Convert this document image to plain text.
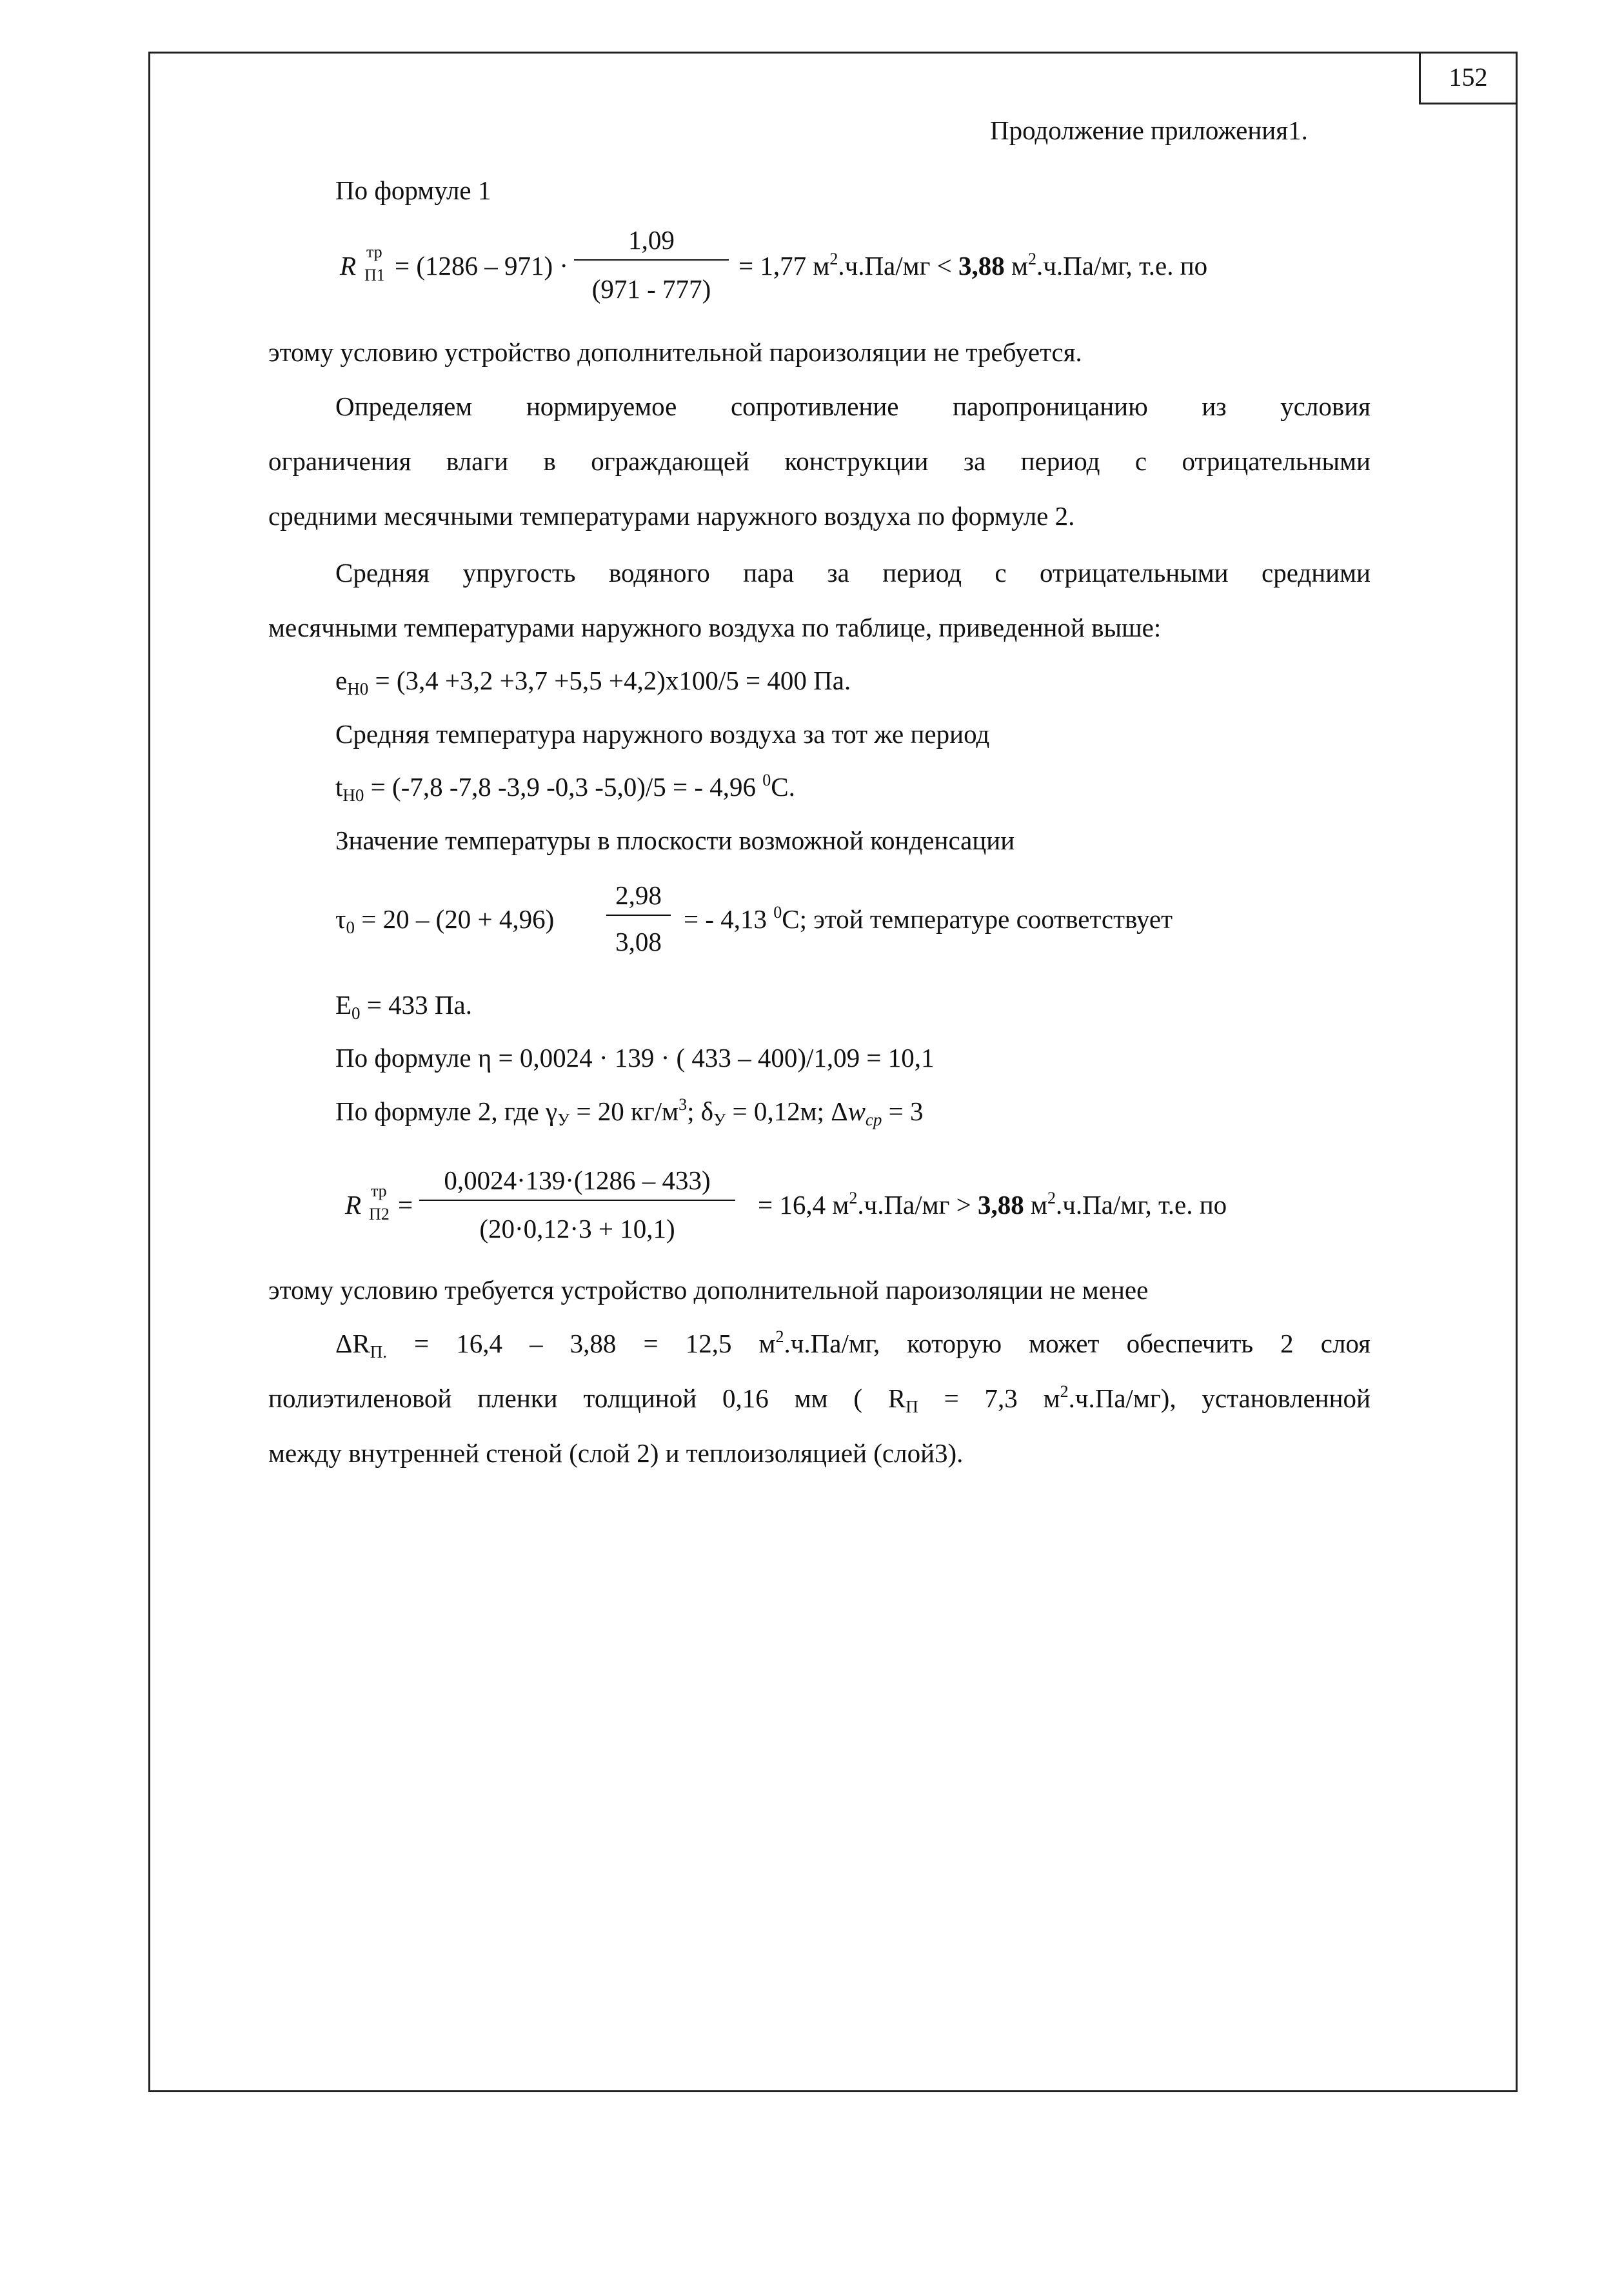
152
Продолжение приложения1.
По формуле 1
R тр
П1 = (1286 – 971) ·
1,09
(971 - 777)
= 1,77 $м^2.ч.Па/мг < 3,88$ $м^2.ч.Па/мг$, т.е. по
этому условию устройство дополнительной пароизоляции не требуется.
Определяем нормируемое сопротивление паропроницанию из условия
ограничения влаги в ограждающей конструкции за период с отрицательными
средними месячными температурами наружного воздуха по формуле 2.
Средняя упругость водяного пара за период с отрицательными средними
месячными температурами наружного воздуха по таблице, приведенной выше:
eН0 = (3,4 +3,2 +3,7 +5,5 +4,2)х100/5 = 400 Па.
Средняя температура наружного воздуха за тот же период
tН0 = (-7,8 -7,8 -3,9 -0,3 -5,0)/5 = - 4,96 $^0$С.
Значение температуры в плоскости возможной конденсации
τ0 = 20 – (20 + 4,96)
2,98
3,08
= - 4,13 $^0$С; этой температуре соответствует
E0 = 433 Па.
По формуле η = 0,0024 · 139 · ( 433 – 400)/1,09 = 10,1
По формуле 2, где γУ = 20 $кг/м^3$; δУ = 0,12м; Δwср = 3
R тр
П2 =
0,0024·139·(1286 – 433)
(20·0,12·3 + 10,1)
= 16,4 $м^2.ч.Па/мг > 3,88$ $м^2.ч.Па/мг$, т.е. по
этому условию требуется устройство дополнительной пароизоляции не менее
ΔRП. = 16,4 – 3,88 = 12,5 $м^2.ч.Па/мг$, которую может обеспечить 2 слоя
полиэтиленовой пленки толщиной 0,16 мм ( RП = 7,3 $м^2.ч.Па/мг$), установленной
между внутренней стеной (слой 2) и теплоизоляцией (слой3).
